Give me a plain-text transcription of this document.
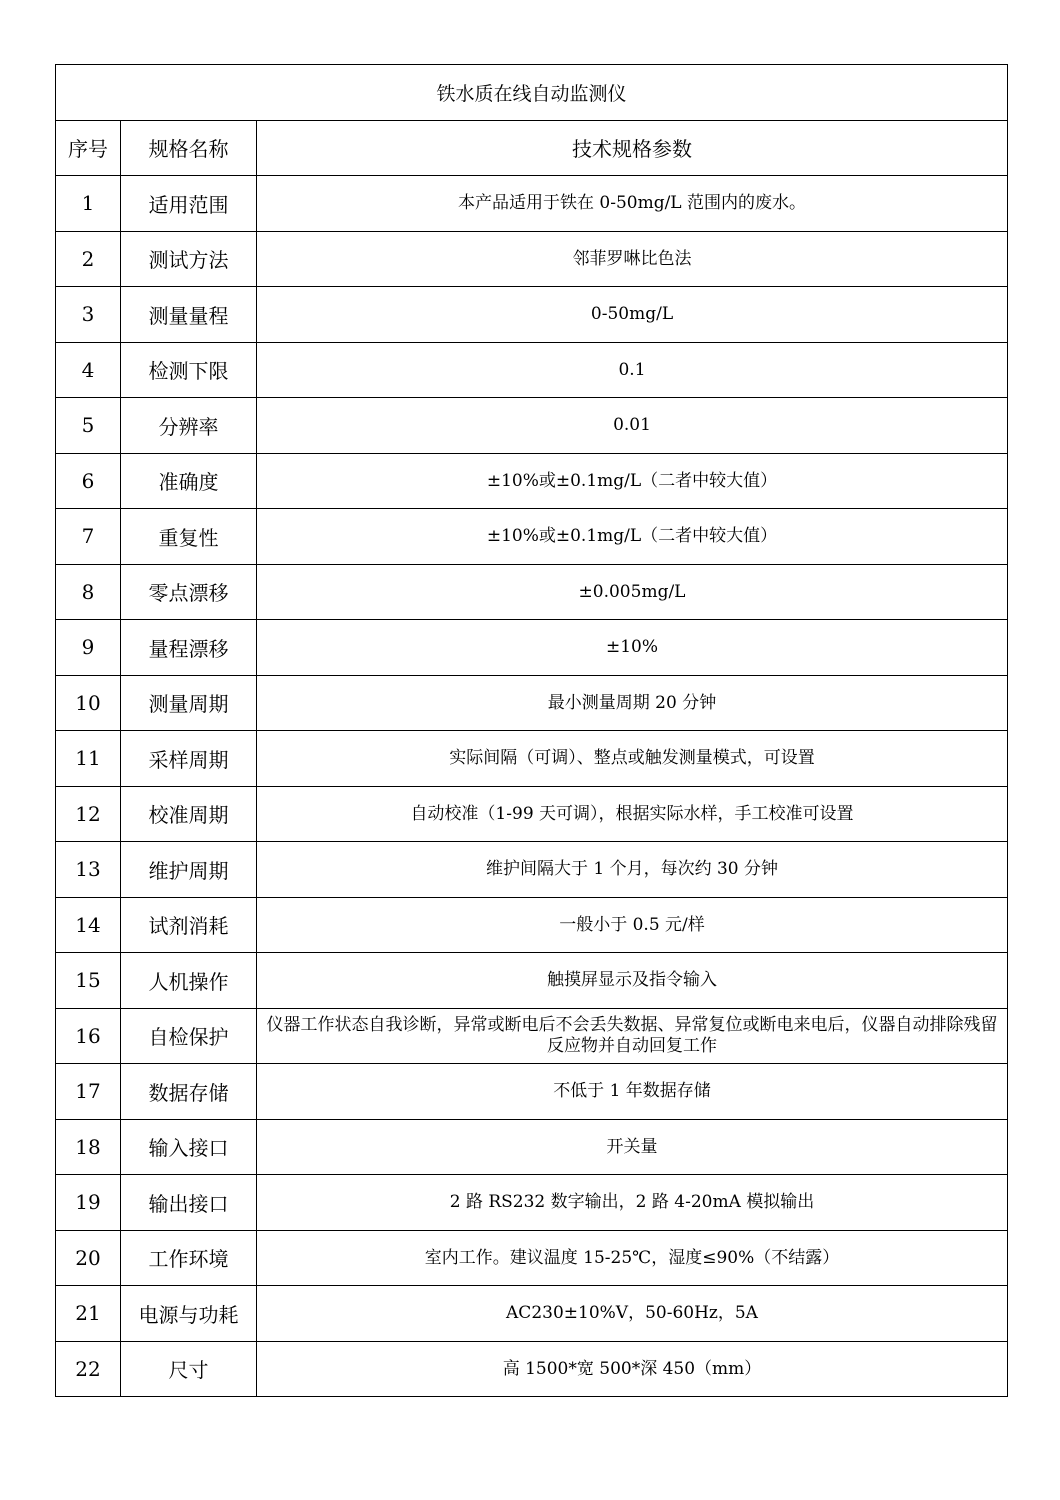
铁水质在线自动监测仪		
序号	规格名称	技术规格参数
1	适用范围	本产品适用于铁在 0-50mg/L 范围内的废水。
2	测试方法	邻菲罗啉比色法
3	测量量程	0-50mg/L
4	检测下限	0.1
5	分辨率	0.01
6	准确度	±10%或±0.1mg/L（二者中较大值）
7	重复性	±10%或±0.1mg/L（二者中较大值）
8	零点漂移	±0.005mg/L
9	量程漂移	±10%
10	测量周期	最小测量周期 20 分钟
11	采样周期	实际间隔（可调）、整点或触发测量模式，可设置
12	校准周期	自动校准（1-99 天可调），根据实际水样，手工校准可设置
13	维护周期	维护间隔大于 1 个月，每次约 30 分钟
14	试剂消耗	一般小于 0.5 元/样
15	人机操作	触摸屏显示及指令输入
16	自检保护	仪器工作状态自我诊断，异常或断电后不会丢失数据、异常复位或断电来电后，仪器自动排除残留反应物并自动回复工作
17	数据存储	不低于 1 年数据存储
18	输入接口	开关量
19	输出接口	2 路 RS232 数字输出，2 路 4-20mA 模拟输出
20	工作环境	室内工作。建议温度 15-25℃，湿度≤90%（不结露）
21	电源与功耗	AC230±10%V，50-60Hz，5A
22	尺寸	高 1500*宽 500*深 450（mm）
